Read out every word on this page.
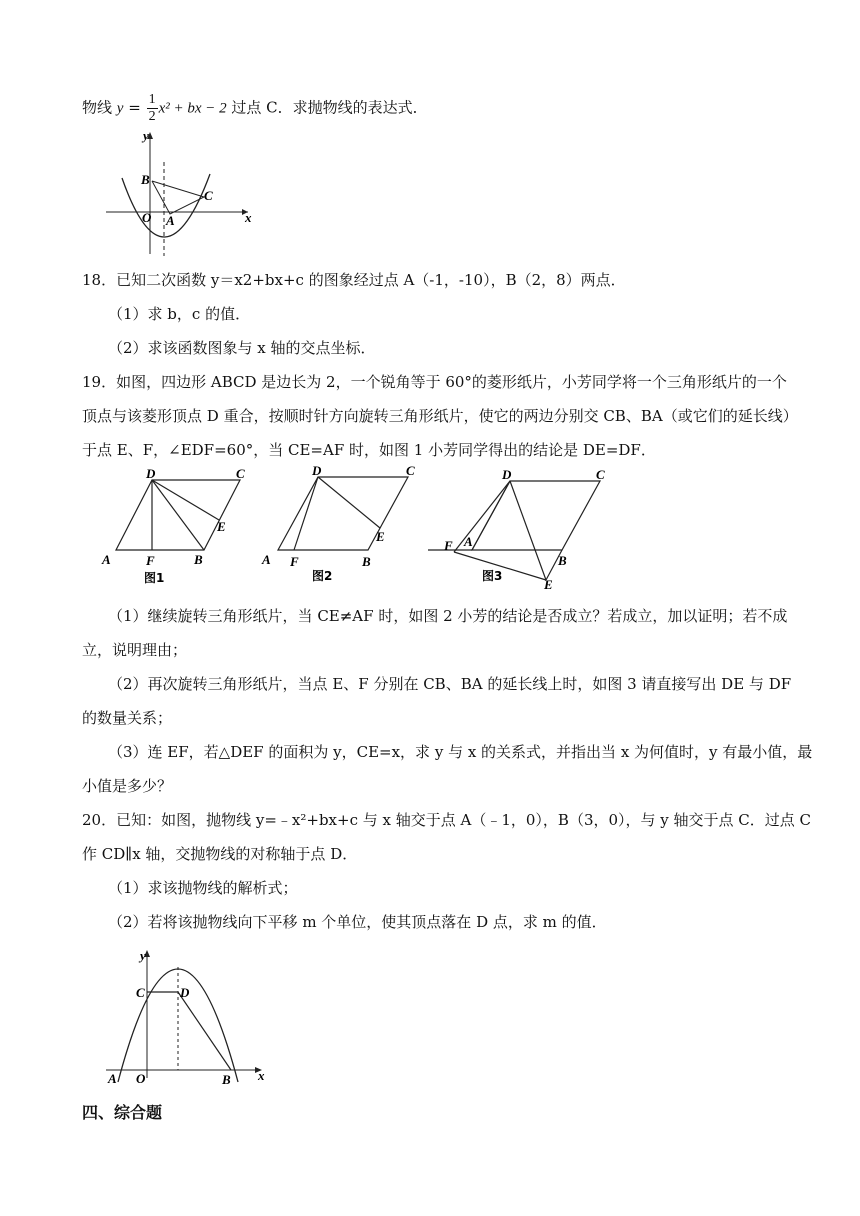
物线 $y = \frac{1}{2} x^2$ + bx − 2 过点 C．求抛物线的表达式．
y
x
B
C
O A
18．已知二次函数 y＝x2+bx+c 的图象经过点 A（-1，-10），B（2，8）两点．
（1）求 b，c 的值．
（2）求该函数图象与 x 轴的交点坐标．
19．如图，四边形 ABCD 是边长为 2，一个锐角等于 60°的菱形纸片，小芳同学将一个三角形纸片的一个
顶点与该菱形顶点 D 重合，按顺时针方向旋转三角形纸片，使它的两边分别交 CB、BA（或它们的延长线）
于点 E、F，∠EDF=60°，当 CE=AF 时，如图 1 小芳同学得出的结论是 DE=DF．
D	C
E
A	F	B
图1
D	C
E
A F	B
图2
D	C
F A
B
E
图3
（1）继续旋转三角形纸片，当 CE≠AF 时，如图 2 小芳的结论是否成立？若成立，加以证明；若不成
立，说明理由；
（2）再次旋转三角形纸片，当点 E、F 分别在 CB、BA 的延长线上时，如图 3 请直接写出 DE 与 DF
的数量关系；
（3）连 EF，若△DEF 的面积为 y，CE=x，求 y 与 x 的关系式，并指出当 x 为何值时，y 有最小值，最
小值是多少？
20．已知：如图，抛物线 y=﹣x²+bx+c 与 x 轴交于点 A（﹣1，0），B（3，0），与 y 轴交于点 C．过点 C
作 CD∥x 轴，交抛物线的对称轴于点 D．
（1）求该抛物线的解析式；
（2）若将该抛物线向下平移 m 个单位，使其顶点落在 D 点，求 m 的值．
y
x
C	D
A O	B
四、综合题
